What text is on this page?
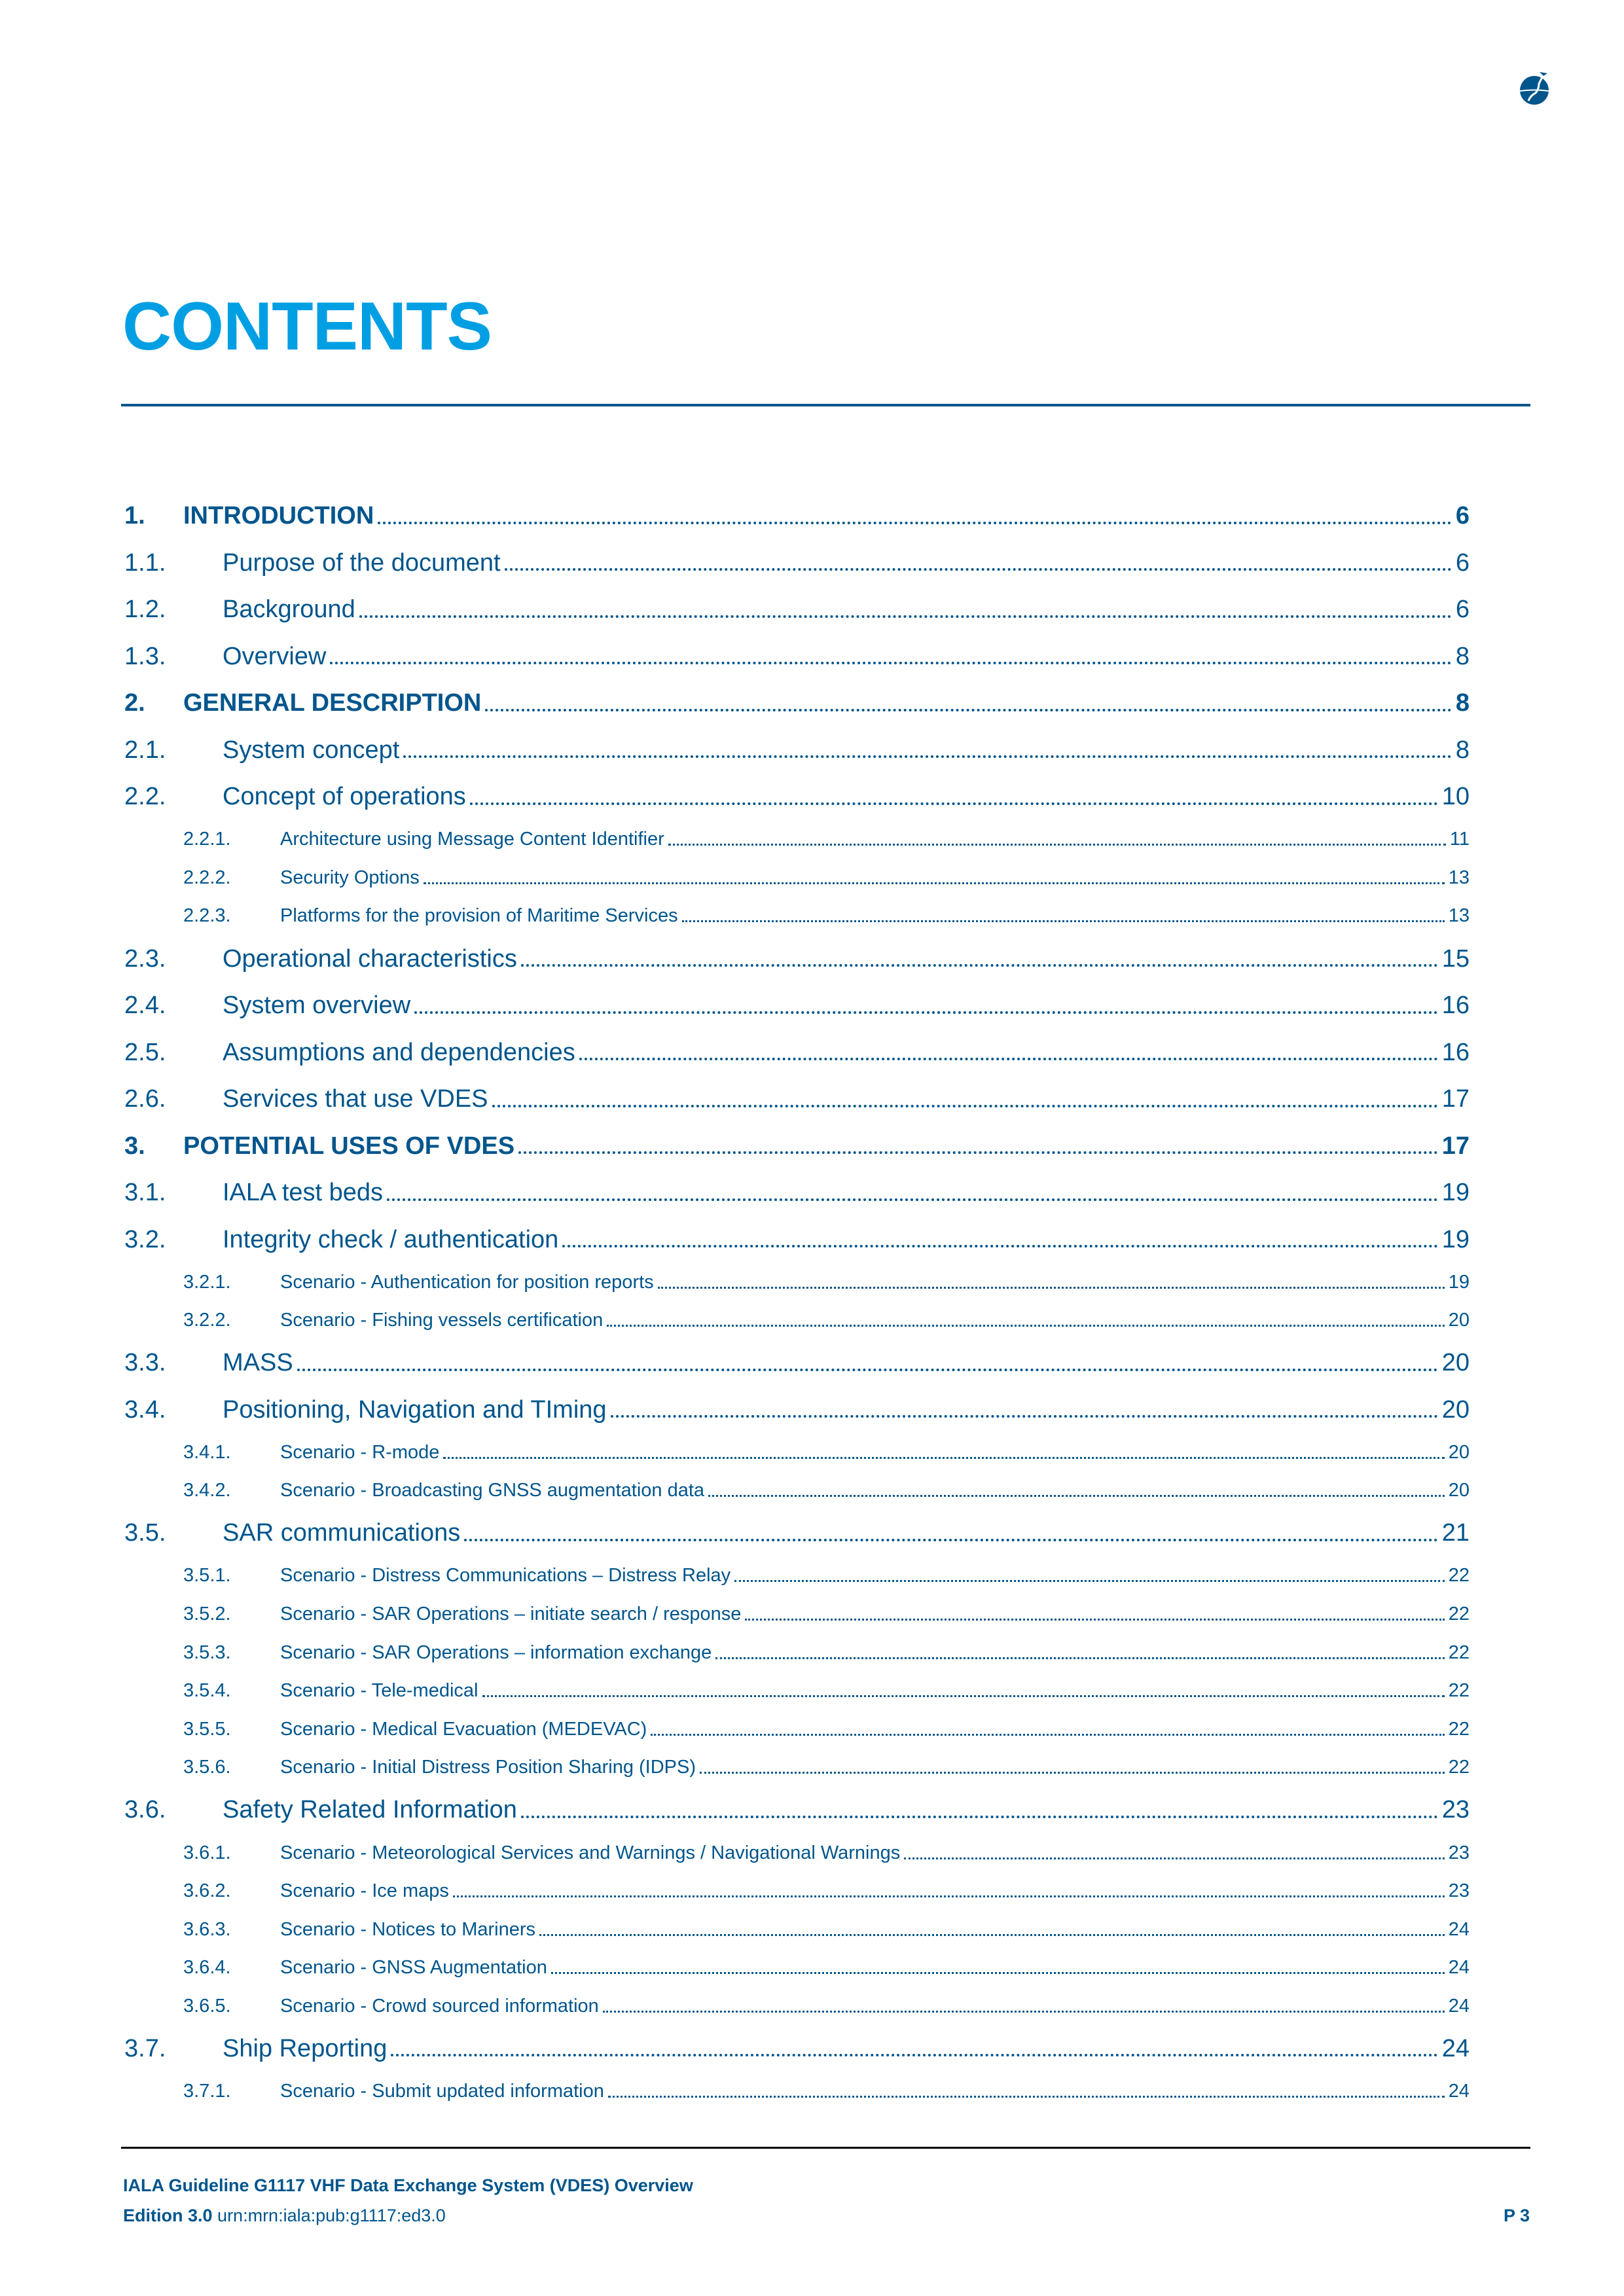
CONTENTS
1.	INTRODUCTION	6
1.1.	Purpose of the document	6
1.2.	Background	6
1.3.	Overview	8
2.	GENERAL DESCRIPTION	8
2.1.	System concept	8
2.2.	Concept of operations	10
2.2.1.	Architecture using Message Content Identifier	11
2.2.2.	Security Options	13
2.2.3.	Platforms for the provision of Maritime Services	13
2.3.	Operational characteristics	15
2.4.	System overview	16
2.5.	Assumptions and dependencies	16
2.6.	Services that use VDES	17
3.	POTENTIAL USES OF VDES	17
3.1.	IALA test beds	19
3.2.	Integrity check / authentication	19
3.2.1.	Scenario - Authentication for position reports	19
3.2.2.	Scenario - Fishing vessels certification	20
3.3.	MASS	20
3.4.	Positioning, Navigation and TIming	20
3.4.1.	Scenario - R-mode	20
3.4.2.	Scenario - Broadcasting GNSS augmentation data	20
3.5.	SAR communications	21
3.5.1.	Scenario - Distress Communications – Distress Relay	22
3.5.2.	Scenario - SAR Operations – initiate search / response	22
3.5.3.	Scenario - SAR Operations – information exchange	22
3.5.4.	Scenario - Tele-medical	22
3.5.5.	Scenario - Medical Evacuation (MEDEVAC)	22
3.5.6.	Scenario - Initial Distress Position Sharing (IDPS)	22
3.6.	Safety Related Information	23
3.6.1.	Scenario - Meteorological Services and Warnings / Navigational Warnings	23
3.6.2.	Scenario - Ice maps	23
3.6.3.	Scenario - Notices to Mariners	24
3.6.4.	Scenario - GNSS Augmentation	24
3.6.5.	Scenario - Crowd sourced information	24
3.7.	Ship Reporting	24
3.7.1.	Scenario - Submit updated information	24
IALA Guideline G1117 VHF Data Exchange System (VDES) Overview
Edition 3.0 urn:mrn:iala:pub:g1117:ed3.0	P 3
